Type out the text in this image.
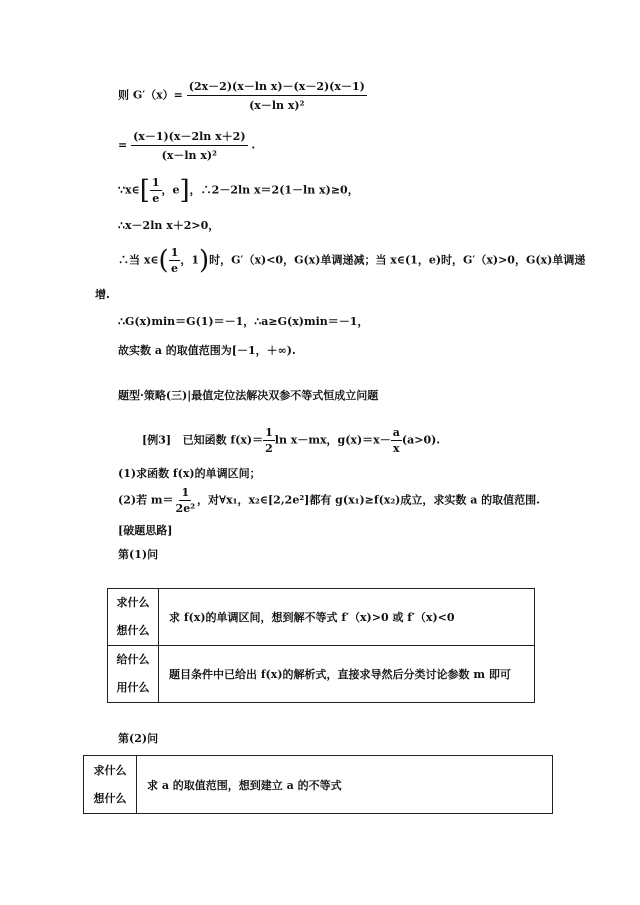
则 $G'(x)= \frac{\text{(2x－2)(x－ln x)－(x－2)(x－1)}}{\text{(x－ln x)²}}$
= $\frac{\text{(x－1)(x－2ln x＋2)}}{\text{(x－ln x)²}}$ .
∵x∈[ $\frac{1}{e}$ ，e]，∴2－2ln x＝2(1－ln x)≥0，
∴x－2ln x＋2>0，
∴当 x∈( $\frac{1}{e}$ ，1)时，G′（x)<0，G(x)单调递减；当 x∈(1，e)时，G′（x)>0，G(x)单调递
增.
∴G(x)min＝G(1)＝－1，∴a≥G(x)min＝－1，
故实数 a 的取值范围为[－1，＋∞).
题型·策略(三)|最值定位法解决双参不等式恒成立问题
[例3] 已知函数 $f(x)= \frac{1}{2}$ ln x－mx，$g(x)=x- \frac{a}{x} (a>0)$.
(1)求函数 f(x)的单调区间；
(2)若 $m= \frac{1}{\text{2e²}}$ ，对∀x₁，x₂∈[2,2e²]都有 g(x₁)≥f(x₂)成立，求实数 a 的取值范围.
[破题思路]
第(1)问
求什么
想什么	求 f(x)的单调区间，想到解不等式 f′（x)>0 或 f′（x)<0

给什么
用什么	题目条件中已给出 f(x)的解析式，直接求导然后分类讨论参数 m 即可
第(2)问
求什么
想什么
	求 a 的取值范围，想到建立 a 的不等式
